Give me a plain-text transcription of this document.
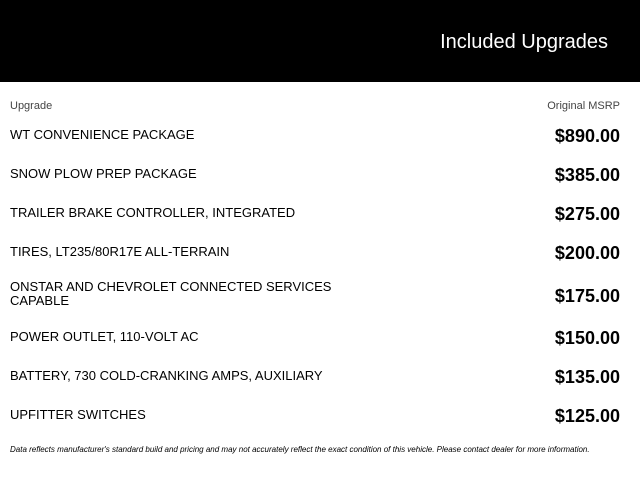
Included Upgrades
Upgrade	Original MSRP
WT CONVENIENCE PACKAGE	$890.00
SNOW PLOW PREP PACKAGE	$385.00
TRAILER BRAKE CONTROLLER, INTEGRATED	$275.00
TIRES, LT235/80R17E ALL-TERRAIN	$200.00
ONSTAR AND CHEVROLET CONNECTED SERVICES CAPABLE	$175.00
POWER OUTLET, 110-VOLT AC	$150.00
BATTERY, 730 COLD-CRANKING AMPS, AUXILIARY	$135.00
UPFITTER SWITCHES	$125.00
Data reflects manufacturer's standard build and pricing and may not accurately reflect the exact condition of this vehicle. Please contact dealer for more information.
